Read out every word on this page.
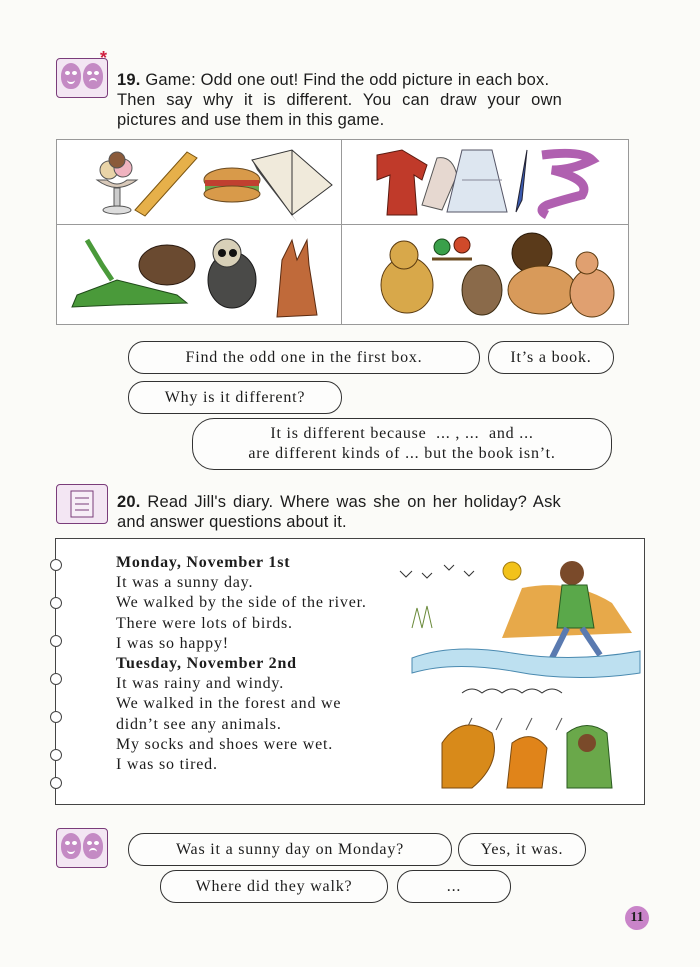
*
19. Game: Odd one out! Find the odd picture in each box.
Then say why it is different. You can draw your own
pictures and use them in this game.
Find the odd one in the first box.	It’s a book.
Why is it different?
It is different because  ... , ...  and ...
are different kinds of ... but the book isn’t.
20. Read Jill's diary. Where was she on her holiday? Ask
and answer questions about it.
Monday, November 1st
It was a sunny day.
We walked by the side of the river.
There were lots of birds.
I was so happy!
Tuesday, November 2nd
It was rainy and windy.
We walked in the forest and we
didn’t see any animals.
My socks and shoes were wet.
I was so tired.
Was it a sunny day on Monday?	Yes, it was.
Where did they walk?	...
11
